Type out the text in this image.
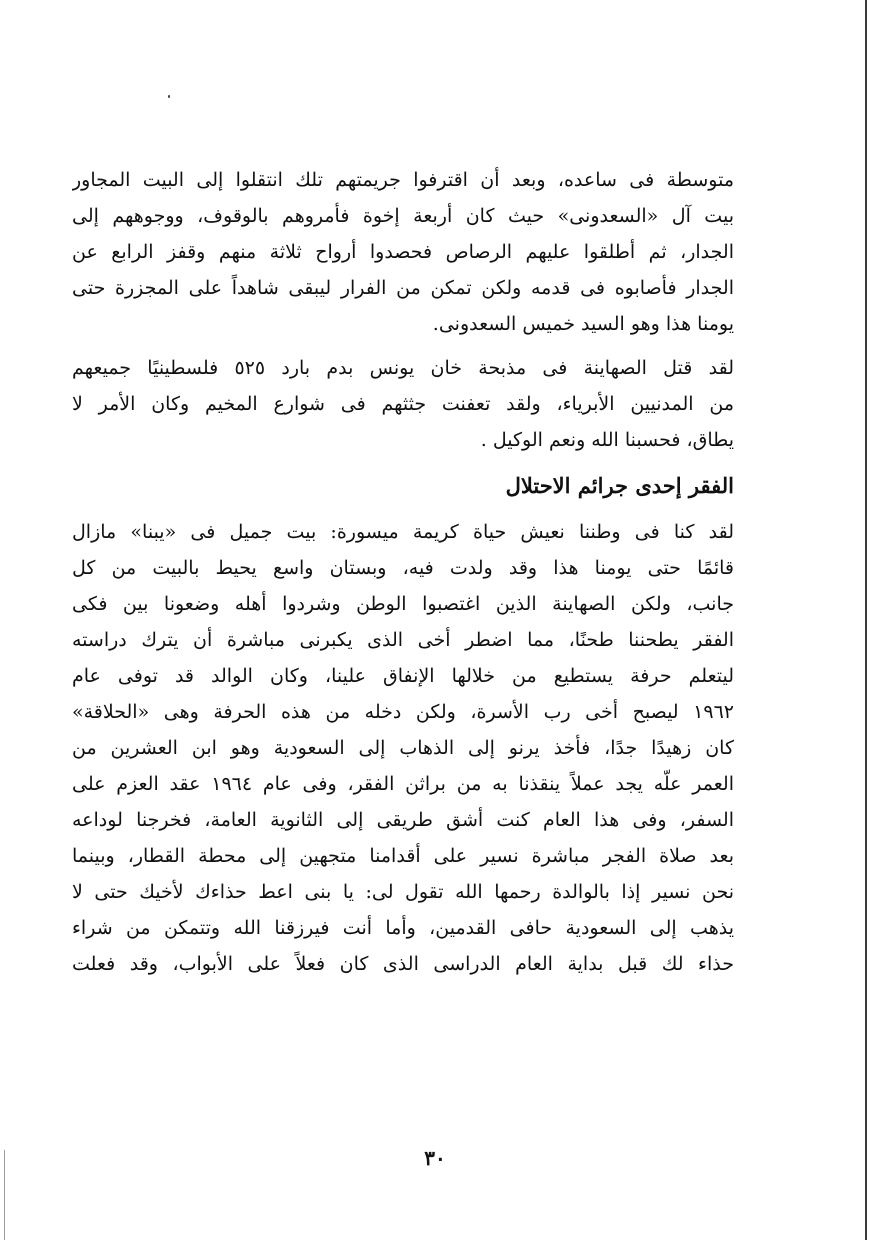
متوسطة فى ساعده، وبعد أن اقترفوا جريمتهم تلك انتقلوا إلى البيت المجاور
بيت آل «السعدونى» حيث كان أربعة إخوة فأمروهم بالوقوف، ووجوههم إلى
الجدار، ثم أطلقوا عليهم الرصاص فحصدوا أرواح ثلاثة منهم وقفز الرابع عن
الجدار فأصابوه فى قدمه ولكن تمكن من الفرار ليبقى شاهداً على المجزرة حتى
يومنا هذا وهو السيد خميس السعدونى.
لقد قتل الصهاينة فى مذبحة خان يونس بدم بارد ٥٢٥ فلسطينيًا جميعهم
من المدنيين الأبرياء، ولقد تعفنت جثثهم فى شوارع المخيم وكان الأمر لا
يطاق، فحسبنا الله ونعم الوكيل .
الفقر إحدى جرائم الاحتلال
لقد كنا فى وطننا نعيش حياة كريمة ميسورة: بيت جميل فى «يبنا» مازال
قائمًا حتى يومنا هذا وقد ولدت فيه، وبستان واسع يحيط بالبيت من كل
جانب، ولكن الصهاينة الذين اغتصبوا الوطن وشردوا أهله وضعونا بين فكى
الفقر يطحننا طحنًا، مما اضطر أخى الذى يكبرنى مباشرة أن يترك دراسته
ليتعلم حرفة يستطيع من خلالها الإنفاق علينا، وكان الوالد قد توفى عام
١٩٦٢ ليصبح أخى رب الأسرة، ولكن دخله من هذه الحرفة وهى «الحلاقة»
كان زهيدًا جدًا، فأخذ يرنو إلى الذهاب إلى السعودية وهو ابن العشرين من
العمر علّه يجد عملاً ينقذنا به من براثن الفقر، وفى عام ١٩٦٤ عقد العزم على
السفر، وفى هذا العام كنت أشق طريقى إلى الثانوية العامة، فخرجنا لوداعه
بعد صلاة الفجر مباشرة نسير على أقدامنا متجهين إلى محطة القطار، وبينما
نحن نسير إذا بالوالدة رحمها الله تقول لى: يا بنى اعط حذاءك لأخيك حتى لا
يذهب إلى السعودية حافى القدمين، وأما أنت فيرزقنا الله وتتمكن من شراء
حذاء لك قبل بداية العام الدراسى الذى كان فعلاً على الأبواب، وقد فعلت
٣٠
